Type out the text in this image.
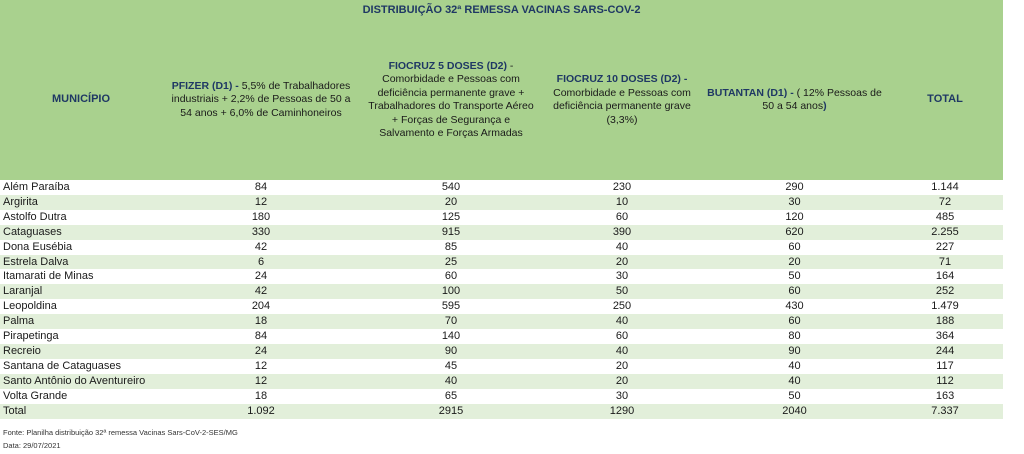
DISTRIBUIÇÃO 32ª REMESSA VACINAS SARS-COV-2					
MUNICÍPIO	PFIZER (D1) - 5,5% de Trabalhadores industriais + 2,2% de Pessoas de 50 a 54 anos + 6,0% de Caminhoneiros	FIOCRUZ 5 DOSES (D2) - Comorbidade e Pessoas com deficiência permanente grave + Trabalhadores do Transporte Aéreo + Forças de Segurança e Salvamento e Forças Armadas	FIOCRUZ 10 DOSES (D2) - Comorbidade e Pessoas com deficiência permanente grave (3,3%)	BUTANTAN (D1) - ( 12% Pessoas de 50 a 54 anos)	TOTAL
Além Paraíba	84	540	230	290	1.144
Argirita	12	20	10	30	72
Astolfo Dutra	180	125	60	120	485
Cataguases	330	915	390	620	2.255
Dona Eusébia	42	85	40	60	227
Estrela Dalva	6	25	20	20	71
Itamarati de Minas	24	60	30	50	164
Laranjal	42	100	50	60	252
Leopoldina	204	595	250	430	1.479
Palma	18	70	40	60	188
Pirapetinga	84	140	60	80	364
Recreio	24	90	40	90	244
Santana de Cataguases	12	45	20	40	117
Santo Antônio do Aventureiro	12	40	20	40	112
Volta Grande	18	65	30	50	163
Total	1.092	2915	1290	2040	7.337
Fonte: Planilha distribuição 32ª remessa Vacinas Sars-CoV-2-SES/MG
Data: 29/07/2021
